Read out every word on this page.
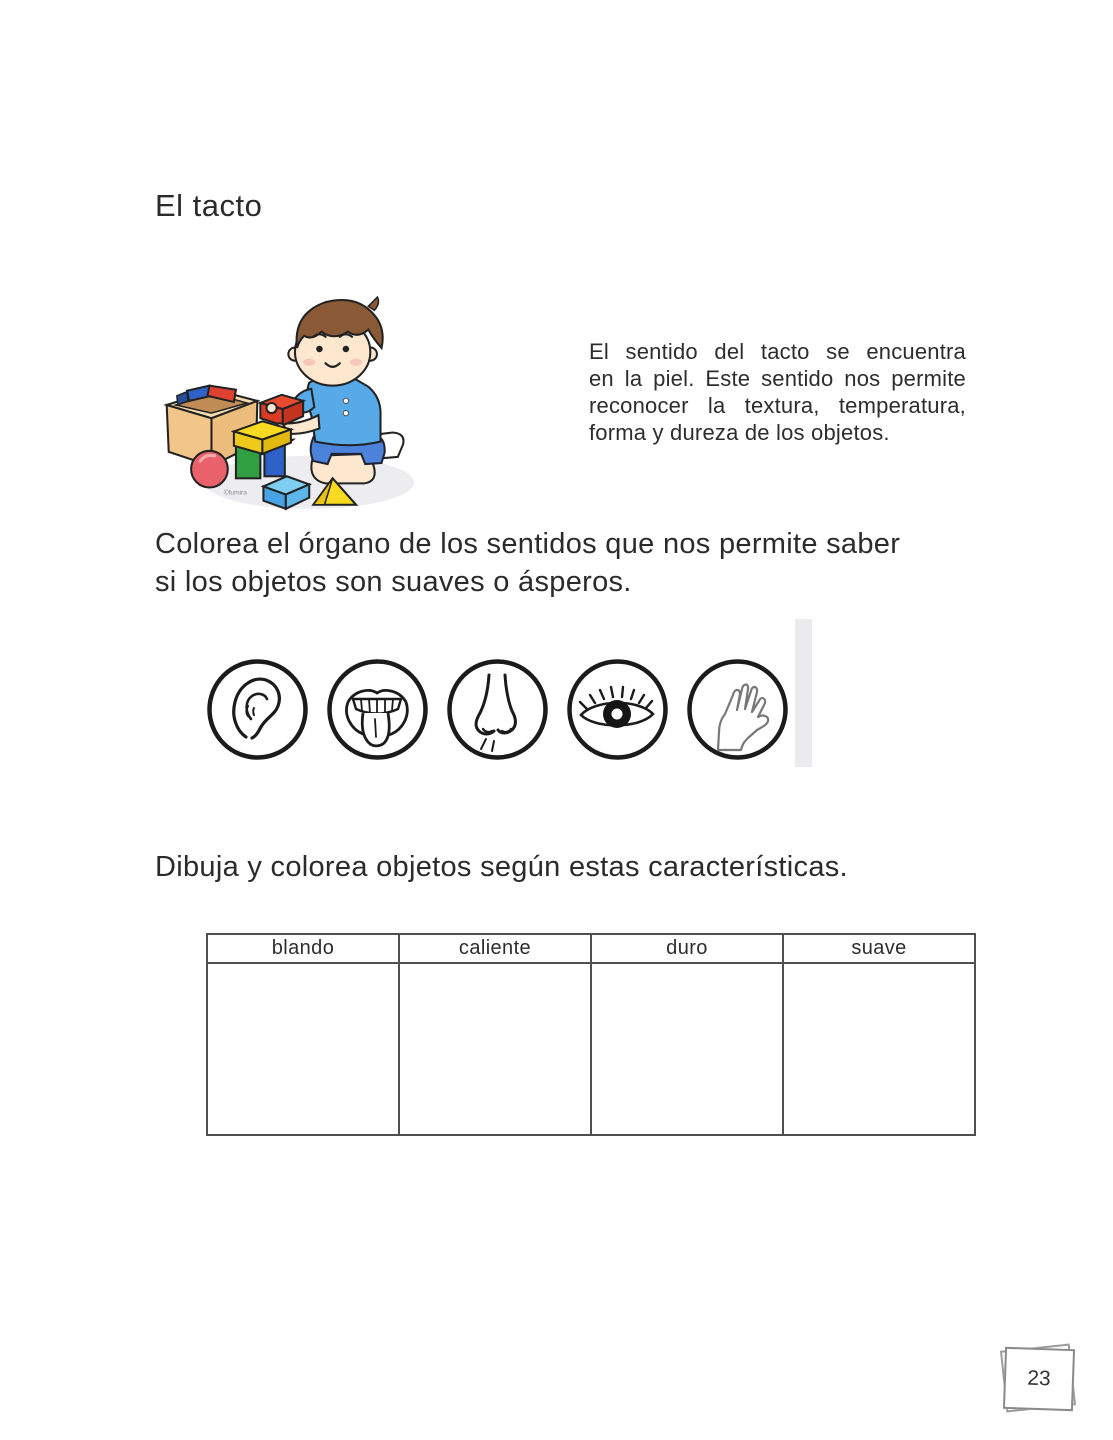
El tacto
©fumira
El sentido del tacto se encuentra
en la piel. Este sentido nos permite
reconocer la textura, temperatura,
forma y dureza de los objetos.
Colorea el órgano de los sentidos que nos permite saber
si los objetos son suaves o ásperos.
Dibuja y colorea objetos según estas características.
blando	caliente	duro	suave

23
